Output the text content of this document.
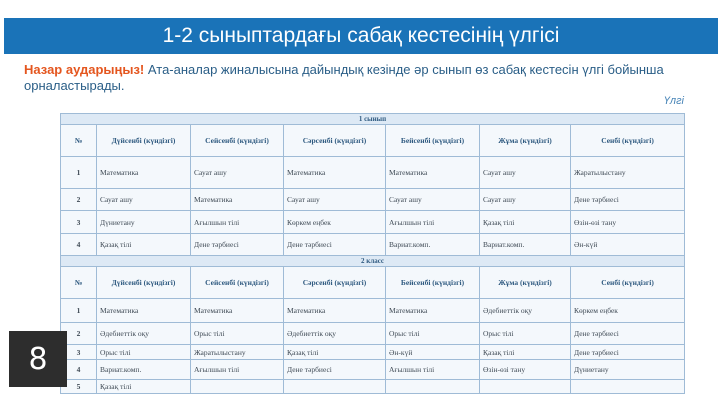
1-2 сыныптардағы сабақ кестесінің үлгісі
Назар аударыңыз! Ата-аналар жиналысына дайындық кезінде әр сынып өз сабақ кестесін үлгі бойынша орналастырады.
Үлгі
1 сынып						
№	Дүйсенбі (күндізгі)	Сейсенбі (күндізгі)	Сәрсенбі (күндізгі)	Бейсенбі (күндізгі)	Жұма (күндізгі)	Сенбі (күндізгі)
1	Математика	Сауат ашу	Математика	Математика	Сауат ашу	Жаратылыстану
2	Сауат ашу	Математика	Сауат ашу	Сауат ашу	Сауат ашу	Дене тәрбиесі
3	Дүниетану	Ағылшын тілі	Көркем еңбек	Ағылшын тілі	Қазақ тілі	Өзін-өзі тану
4	Қазақ тілі	Дене тәрбиесі	Дене тәрбиесі	Вариат.комп.	Вариат.комп.	Ән-күй
2 класс						
№	Дүйсенбі (күндізгі)	Сейсенбі (күндізгі)	Сәрсенбі (күндізгі)	Бейсенбі (күндізгі)	Жұма (күндізгі)	Сенбі (күндізгі)
1	Математика	Математика	Математика	Математика	Әдебиеттік оқу	Көркем еңбек
2	Әдебиеттік оқу	Орыс тілі	Әдебиеттік оқу	Орыс тілі	Орыс тілі	Дене тәрбиесі
3	Орыс тілі	Жаратылыстану	Қазақ тілі	Ән-күй	Қазақ тілі	Дене тәрбиесі
4	Вариат.комп.	Ағылшын тілі	Дене тәрбиесі	Ағылшын тілі	Өзін-өзі тану	Дүниетану
5	Қазақ тілі					
8
